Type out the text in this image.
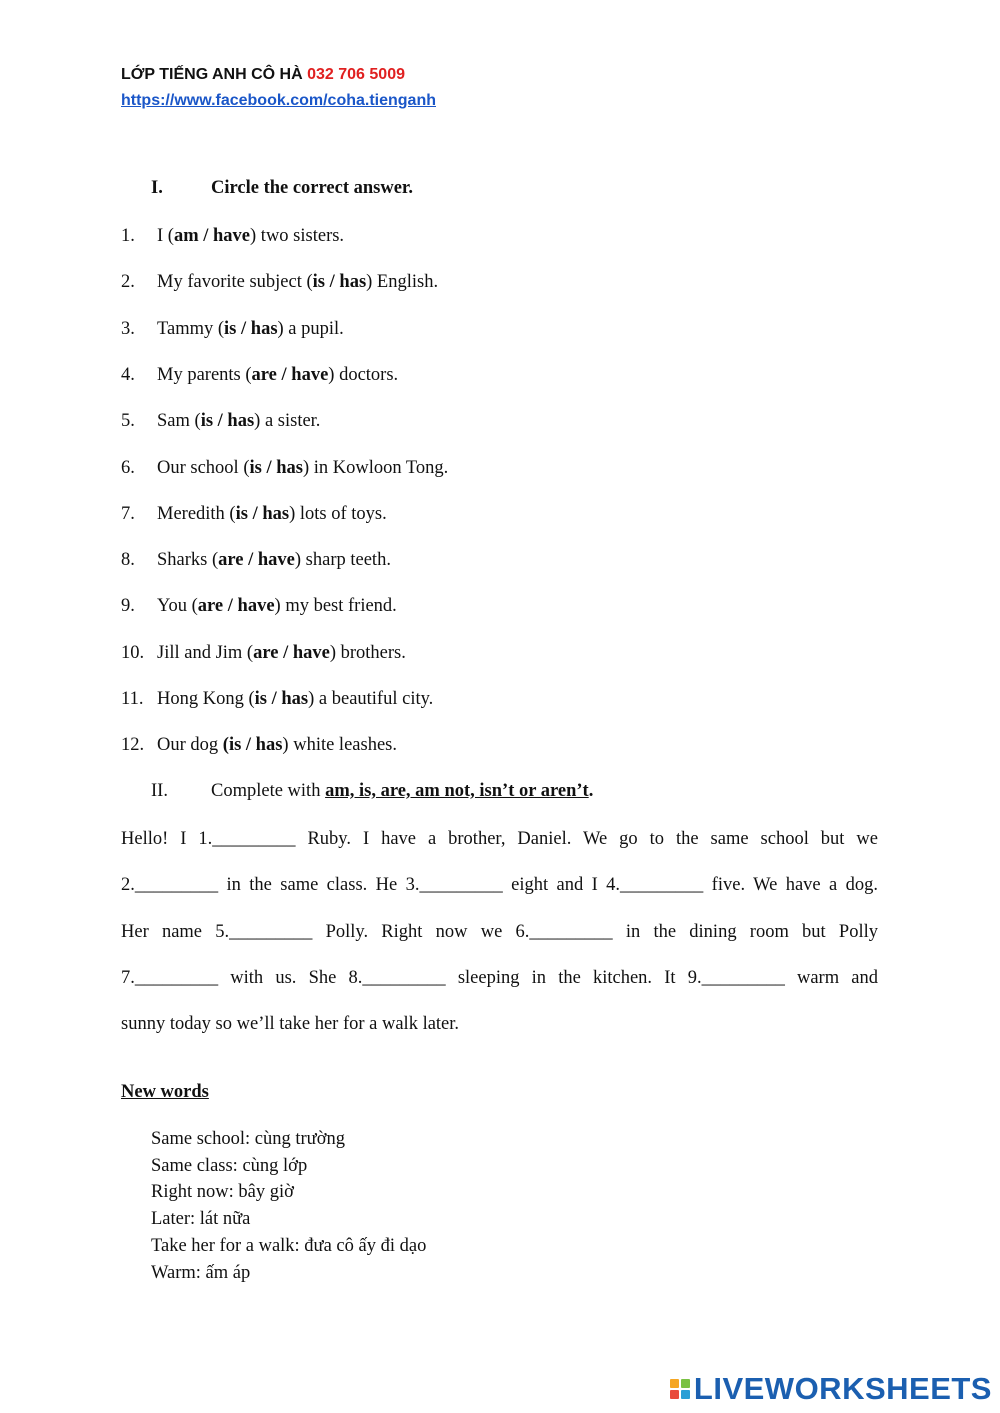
LỚP TIẾNG ANH CÔ HÀ 032 706 5009
https://www.facebook.com/coha.tienganh
I.	Circle the correct answer.
1. I (am / have) two sisters.
2. My favorite subject (is / has) English.
3. Tammy (is / has) a pupil.
4. My parents (are / have) doctors.
5. Sam (is / has) a sister.
6. Our school (is / has) in Kowloon Tong.
7. Meredith (is / has) lots of toys.
8. Sharks (are / have) sharp teeth.
9. You (are / have) my best friend.
10. Jill and Jim (are / have) brothers.
11. Hong Kong (is / has) a beautiful city.
12. Our dog (is / has) white leashes.
II. Complete with am, is, are, am not, isn’t or aren’t.
Hello! I 1._________ Ruby. I have a brother, Daniel. We go to the same school but we
2._________ in the same class. He 3._________ eight and I 4._________ five. We have a dog.
Her name 5._________ Polly. Right now we 6._________ in the dining room but Polly
7._________ with us. She 8._________ sleeping in the kitchen. It 9._________ warm and
sunny today so we’ll take her for a walk later.
New words
Same school: cùng trường
Same class: cùng lớp
Right now: bây giờ
Later: lát nữa
Take her for a walk: đưa cô ấy đi dạo
Warm: ấm áp
LIVEWORKSHEETS
